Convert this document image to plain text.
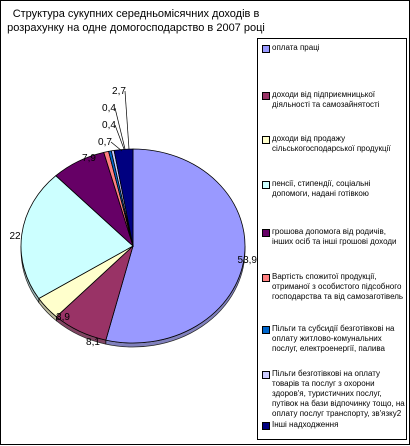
Структура сукупних середньомісячних доходів в розрахунку на одне домогосподарство в 2007 році
53,9
8,1
3,9
22
7,9
0,7
0,4
0,4
2,7
оплата праці
доходи від підприємницької діяльності та самозайнятості
доходи від продажу сільськогосподарської продукції
пенсії, стипендії, соціальні допомоги, надані готівкою
грошова допомога від родичів, інших осіб та інші грошові доходи
Вартість спожитої продукції, отриманої з особистого підсобного господарства та від самозаготівель
Пільги та субсидії безготівкові на оплату житлово-комунальних послуг, електроенергії, палива
Пільги безготівкові на оплату товарів та послуг з охорони здоров'я, туристичних послуг, путівок на бази відпочинку тощо, на оплату послуг транспорту, зв'язку2
Інші надходження
